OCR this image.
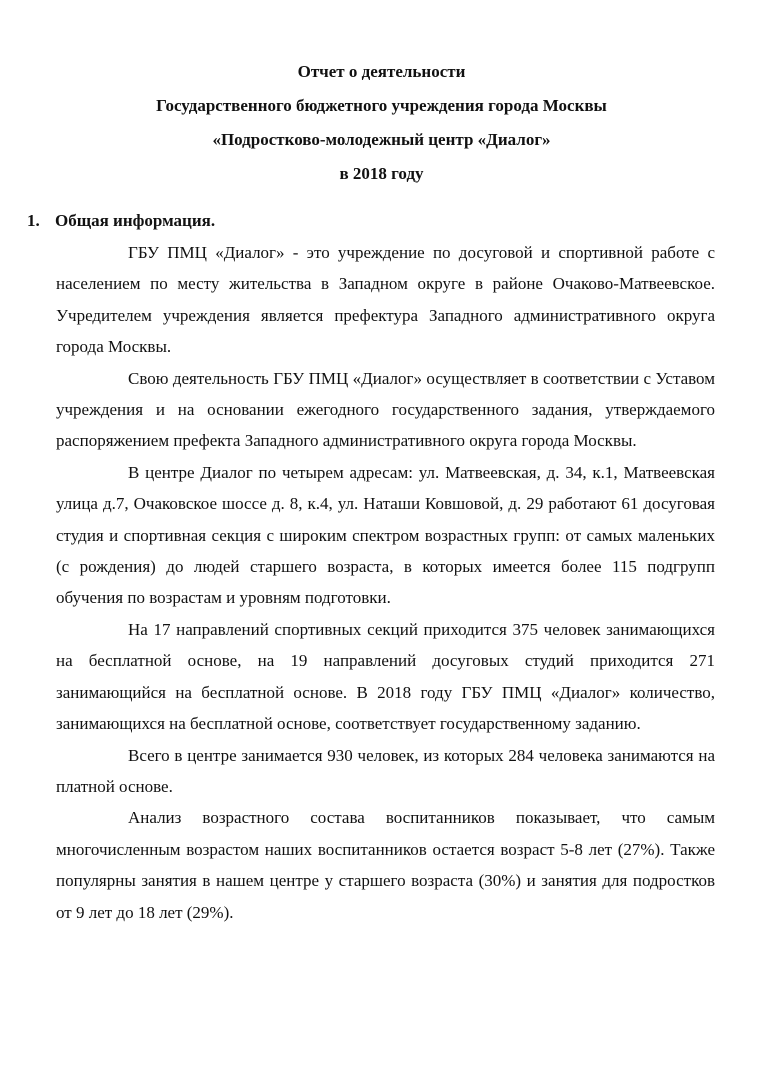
Отчет о деятельности
Государственного бюджетного учреждения города Москвы
«Подростково-молодежный центр «Диалог»
в 2018 году
1. Общая информация.

ГБУ ПМЦ «Диалог» - это учреждение по досуговой и спортивной работе с населением по месту жительства в Западном округе в районе Очаково-Матвеевское. Учредителем учреждения является префектура Западного административного округа города Москвы.

Свою деятельность ГБУ ПМЦ «Диалог» осуществляет в соответствии с Уставом учреждения и на основании ежегодного государственного задания, утверждаемого распоряжением префекта Западного административного округа города Москвы.

В центре Диалог по четырем адресам: ул. Матвеевская, д. 34, к.1, Матвеевская улица д.7, Очаковское шоссе д. 8, к.4, ул. Наташи Ковшовой, д. 29 работают 61 досуговая студия и спортивная секция с широким спектром возрастных групп: от самых маленьких (с рождения) до людей старшего возраста, в которых имеется более 115 подгрупп обучения по возрастам и уровням подготовки.

На 17 направлений спортивных секций приходится 375 человек занимающихся на бесплатной основе, на 19 направлений досуговых студий приходится 271 занимающийся на бесплатной основе. В 2018 году ГБУ ПМЦ «Диалог» количество, занимающихся на бесплатной основе, соответствует государственному заданию.

Всего в центре занимается 930 человек, из которых 284 человека занимаются на платной основе.

Анализ возрастного состава воспитанников показывает, что самым многочисленным возрастом наших воспитанников остается возраст 5-8 лет (27%). Также популярны занятия в нашем центре у старшего возраста (30%) и занятия для подростков от 9 лет до 18 лет (29%).
